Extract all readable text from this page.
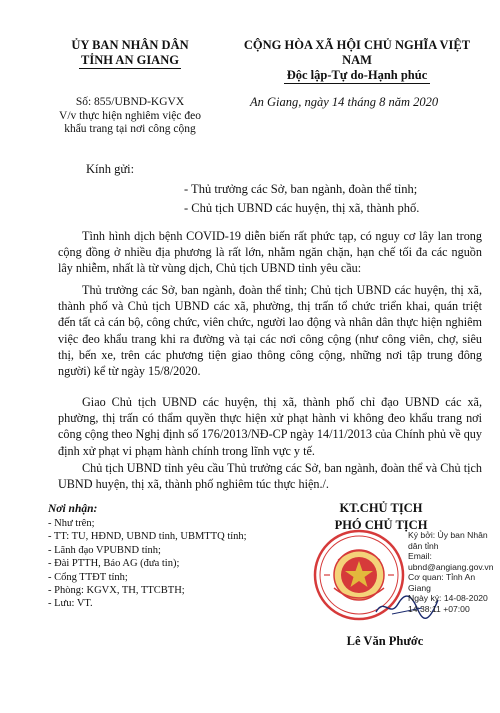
ỦY BAN NHÂN DÂN
TỈNH AN GIANG
CỘNG HÒA XÃ HỘI CHỦ NGHĨA VIỆT NAM
Độc lập-Tự do-Hạnh phúc
Số: 855/UBND-KGVX
V/v thực hiện nghiêm việc đeo
khẩu trang tại nơi công cộng
An Giang, ngày 14 tháng 8 năm 2020
Kính gửi:
- Thủ trưởng các Sở, ban ngành, đoàn thể tỉnh;
- Chủ tịch UBND các huyện, thị xã, thành phố.
Tình hình dịch bệnh COVID-19 diễn biến rất phức tạp, có nguy cơ lây lan trong cộng đồng ở nhiều địa phương là rất lớn, nhằm ngăn chặn, hạn chế tối đa các nguồn lây nhiễm, nhất là từ vùng dịch, Chủ tịch UBND tỉnh yêu cầu:
Thủ trưởng các Sở, ban ngành, đoàn thể tỉnh; Chủ tịch UBND các huyện, thị xã, thành phố và Chủ tịch UBND các xã, phường, thị trấn tổ chức triển khai, quán triệt đến tất cả cán bộ, công chức, viên chức, người lao động và nhân dân thực hiện nghiêm việc đeo khẩu trang khi ra đường và tại các nơi công cộng (như công viên, chợ, siêu thị, bến xe, trên các phương tiện giao thông công cộng, những nơi tập trung đông người) kể từ ngày 15/8/2020.
Giao Chủ tịch UBND các huyện, thị xã, thành phố chỉ đạo UBND các xã, phường, thị trấn có thẩm quyền thực hiện xử phạt hành vi không đeo khẩu trang nơi công cộng theo Nghị định số 176/2013/NĐ-CP ngày 14/11/2013 của Chính phủ về quy định xử phạt vi phạm hành chính trong lĩnh vực y tế.
Chủ tịch UBND tỉnh yêu cầu Thủ trưởng các Sở, ban ngành, đoàn thể và Chủ tịch UBND huyện, thị xã, thành phố nghiêm túc thực hiện./.
Nơi nhận:
- Như trên;
- TT: TU, HĐND, UBND tỉnh, UBMTTQ tỉnh;
- Lãnh đạo VPUBND tỉnh;
- Đài PTTH, Báo AG (đưa tin);
- Cổng TTĐT tỉnh;
- Phòng: KGVX, TH, TTCBTH;
- Lưu: VT.
KT.CHỦ TỊCH
PHÓ CHỦ TỊCH
Ký bởi: Ủy ban Nhân
dân tỉnh
Email:
ubnd@angiang.gov.vn
Cơ quan: Tỉnh An Giang
Ngày ký: 14-08-2020
14:38:11 +07:00
Lê Văn Phước
